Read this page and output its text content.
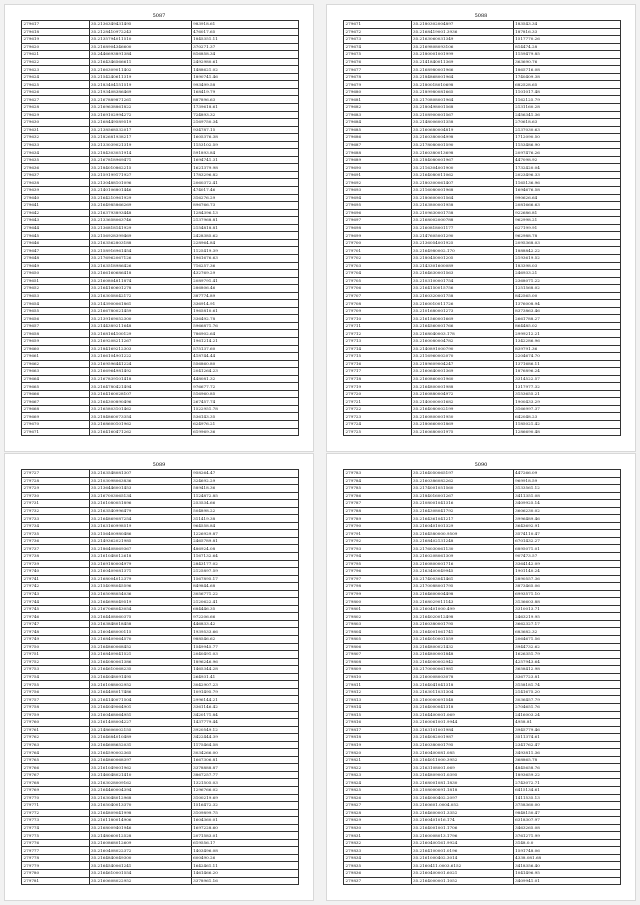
5087
279617	35.2136349431495	983918.61
279618	35.2128410972243	476017.65
279619	35.2135794011510	1845351.11
279620	35.2168904346600	370271.37
279621	35.2446693891384	816858.34
279622	35.2164346566611	2492980.61
279623	35.2166309011402	1488621.02
279624	35.2154240611319	1890741.46
279625	35.2183404151519	993499.58
279626	35.2193408386469	168419.79
279627	35.2167889871261	887896.63
279628	35.2169638861822	1739618.61
279629	35.2169102994272	724893.32
279630	35.2168449589519	2169750.34
279631	35.2138568532017	934787.15
279632	35.2182681938217	1605376.38
279633	35.2133039021319	1153102.59
279634	35.2184303051914	591893.84
279635	35.2167818969471	1694741.31
279636	35.2184010862215	1621379.98
279637	35.2159199171927	1783296.82
279638	35.2130488101096	2060372.41
279639	35.2140106801446	474017.46
279640	35.2164210961929	316276.29
279641	35.2164985866269	896766.73
279642	35.2163793893448	1284396.13
279643	35.2133658063746	2137968.81
279644	35.2136818141929	2154818.81
279645	35.2156928399469	2428385.62
279646	35.2163562803188	228964.84
279647	35.2158916961454	1125419.39
279648	35.2176962067126	1961676.63
279649	35.2163518986426	716257.36
279650	35.2166160686418	432769.29
279651	35.2160804811874	2089791.41
279652	35.2164160601278	286806.46
279653	35.2163058042172	387774.89
279654	35.2143900061861	336914.91
279655	35.2166780021459	1965810.61
279656	35.2139169052300	336492.78
279657	35.2144389211648	5966871.76
279658	35.2168164100129	786902.64
279659	35.2169208211267	1961214.21
279660	35.2184169212303	575137.60
279661	35.2166104901222	418744.44
279662	35.2169596441224	556860.80
279663	35.2166964981492	2041264.23
279664	35.2167839101418	448081.32
279665	35.2164780421494	976677.72
279666	35.2164160028107	516960.85
279667	35.2164300890496	267457.74
279668	35.2165803101462	1522951.78
279669	35.2184860073354	536143.35
279670	35.2168600101962	624976.21
279671	35.2164160471262	619969.36
5088
279671	35.2180302004897	183543.34
279672	35.2168419001.3936	187816.33
279673	35.2163060031349	1517770.26
279674	35.2169808093106	814474.28
279675	35.2180001001999	1159479.85
279676	35.2141840011369	363690.76
279677	35.2168980001966	1865716.08
279678	35.2184868001964	1740409.38
279679	35.2180018010698	682528.65
279680	35.2189980081665	1101017.48
279681	35.2170808001964	1162125.79
279682	35.2180498001568	2131160.28
279683	35.2108900001567	2456341.36
279684	35.2148006001358	270618.63
279685	35.2160680004819	2137030.63
279686	35.2160380004998	1712090.50
279687	35.2178080001590	1153486.90
279688	35.2160380013698	2097476.26
279689	35.2184080001967	447098.92
279690	35.2116304001900	1732420.04
279691	35.2164080011062	2023496.33
279692	35.2180300061407	1165136.96
279693	35.2116080001968	1694676.58
279694	35.2180600001564	990626.64
279695	35.2163800001958	2081666.63
279696	35.2109630001758	922686.81
279697	35.2168002000788	962998.21
279698	35.2160818001177	627199.91
279699	35.2147605001290	962988.78
279700	35.2136054001925	2095368.03
279701	35.2164980002.170	1888842.22
279702	35.2180450001205	2193619.52
279703	35.2143301600089	183398.03
279704	35.2164630001563	246933.21
279705	35.2103100001754	2368071.22
279706	35.2164150015756	1251568.02
279707	35.2160320001758	842565.00
279708	35.2160010011726	1376008.94
279709	35.2101680001273	8373863.46
279710	35.2161560001669	2661788.27
279711	35.2164560001766	864485.02
279712	35.2168040003.178	2999212.21
279713	35.2160080004782	1342286.96
279714	35.2140891000790	839791.36
279715	35.2116960002070	2204674.70
279716	35.2189609004247	1371686.11
279717	35.2160640001369	1876896.24
279718	35.2160860001960	3314522.57
279719	35.2164800001988	1317977.32
279720	35.2160880004972	3153655.21
279721	35.2140000001682	1900433.29
279722	35.2164080002199	3166997.37
279723	35.2160800001950	642048.23
279724	35.2180660001869	1185021.42
279725	35.2160680001975	1286690.48
5089
279727	35.2163548081307	958264.47
279728	35.2103098063836	324692.29
279729	35.2136446001453	589418.36
279730	35.2167003065134	1124872.85
279731	35.2161080051896	253534.66
279732	35.2163540996479	504898.22
279733	35.2164869087254	311419.38
279734	35.2163160998519	964558.84
279735	35.2156400980486	1226929.87
279736	35.2149362021985	2465789.81
279737	35.2186408069367	486924.08
279738	35.2161048012618	1167132.64
279739	35.2169180004979	2843177.02
279740	35.2160409081371	2125897.59
279741	35.2168004012379	1567895.17
279742	35.2154098045596	849844.68
279743	35.2165098054036	3056771.22
279744	35.2164698049519	2120622.41
279745	35.2167068043054	684446.35
279746	35.2164408060375	972206.66
279747	35.2163848018458	446833.42
279748	35.2160468000115	1939533.66
279749	35.2168409064570	988546.62
279750	35.2164860068452	1549945.77
279751	35.2168409041521	2040491.03
279752	35.2164080061386	1896246.96
279753	35.2164610068235	1465344.28
279754	35.2164048091495	264931.41
279755	35.2161088002952	3042907.23
279756	35.2164408017486	1091495.79
279757	35.2164140071504	2996144.21
279758	35.2164049064901	3361146.42
279759	35.2160468064951	3420171.84
279760	35.2161408004227	1437779.44
279761	35.2148606002155	3920549.12
279762	35.2164684010489	3422444.39
279763	35.2164608652031	1175464.58
279764	35.2164590002365	3034266.00
279765	35.2164860068397	1667306.81
279766	35.2161049001962	3378888.87
279767	35.2146048021410	3867257.77
279768	35.2163028009162	1321505.03
279769	35.2164460004394	1296766.02
279770	35.2163048012968	3100219.69
279771	35.2165040013370	1516472.32
279772	35.2164809041998	3109899.75
279773	35.2161180014906	1604360.01
279774	35.2168009401946	1697228.60
279775	35.2148060012528	2071583.01
279776	35.2160868012609	619556.17
279777	35.2160408022372	1403496.08
279778	35.2164840049300	600490.26
279779	35.2164540061241	1642461.11
279780	35.2164610001554	1461466.20
279781	35.2160608022952	3378961.16
5090
279783	35.2164050065197	447266.09
279784	35.2160386082262	969918.59
279785	35.2174001051560	3133561.12
279786	35.2184016001267	3411351.08
279787	35.2108001041316	3409925.14
279788	35.2164308041792	3606230.02
279789	35.2164361041217	3996489.46
279790	35.2160401001329	3643692.91
279791	35.2164580000.9509	3574110.47
279792	35.2168402131248	6701432.27
279793	35.2176030061130	6895071.01
279794	35.2160208061309	907473.57
279795	35.2160800001716	3364142.09
279796	35.2163400049945	1901140.24
279797	35.2174003041461	2890557.36
279798	35.2170088001795	3873465.06
279799	35.2164600004498	6993571.10
279800	35.2168029011143	3136603.88
279801	35.2160401000.499	3310013.71
279802	35.2164020012498	2463219.95
279803	35.2160380001795	3662327.17
279804	35.2164001061741	683682.32
279805	35.2164010001559	2064671.56
279806	35.2164800021432	3944732.62
279807	35.2164800001848	1626351.79
279808	35.2164000002942	4257943.64
279809	35.2170000061981	3658412.98
279810	35.2160008003078	3367723.81
279811	35.2164041041318	3158181.74
279812	35.2163011031304	2141675.20
279813	35.2160000091548	3036457.79
279814	35.2164000041318	2704651.76
279815	35.2164400001.069	2416003.24
279816	35.2160061001.9944	4958.81
279817	35.2163101001984	3945779.46
279818	35.2164082001987	3511374.61
279819	35.2160380001795	2341762.47
279820	35.2160400081.085	3493811.36
279821	35.2164011000.3952	368865.78
279822	35.2163108001.069	4845658.76
279823	35.2164809001.0395	1893659.22
279824	35.2168001081.1830	2743072.71
279825	35.2108000091.1818	6415134.61
279826	35.2164000402.2097	1411535.13
279827	35.2160601.0004.052	3758360.00
279828	35.2164600001.3352	9848150.47
279829	35.2160401016.174	6318307.97
279830	35.2164001001.1706	3463265.08
279831	35.2160008013.1796	3761271.99
279832	35.2160400161.9924	3148.0.0
279833	35.2164100001.0196	1591748.06
279834	35.2161000402.3014	4338.081.68
279835	35.2160411.0003.6152	3418356.40
279836	35.2160400001.6021	1041496.95
279837	35.2164000001.1052	3409941.01
